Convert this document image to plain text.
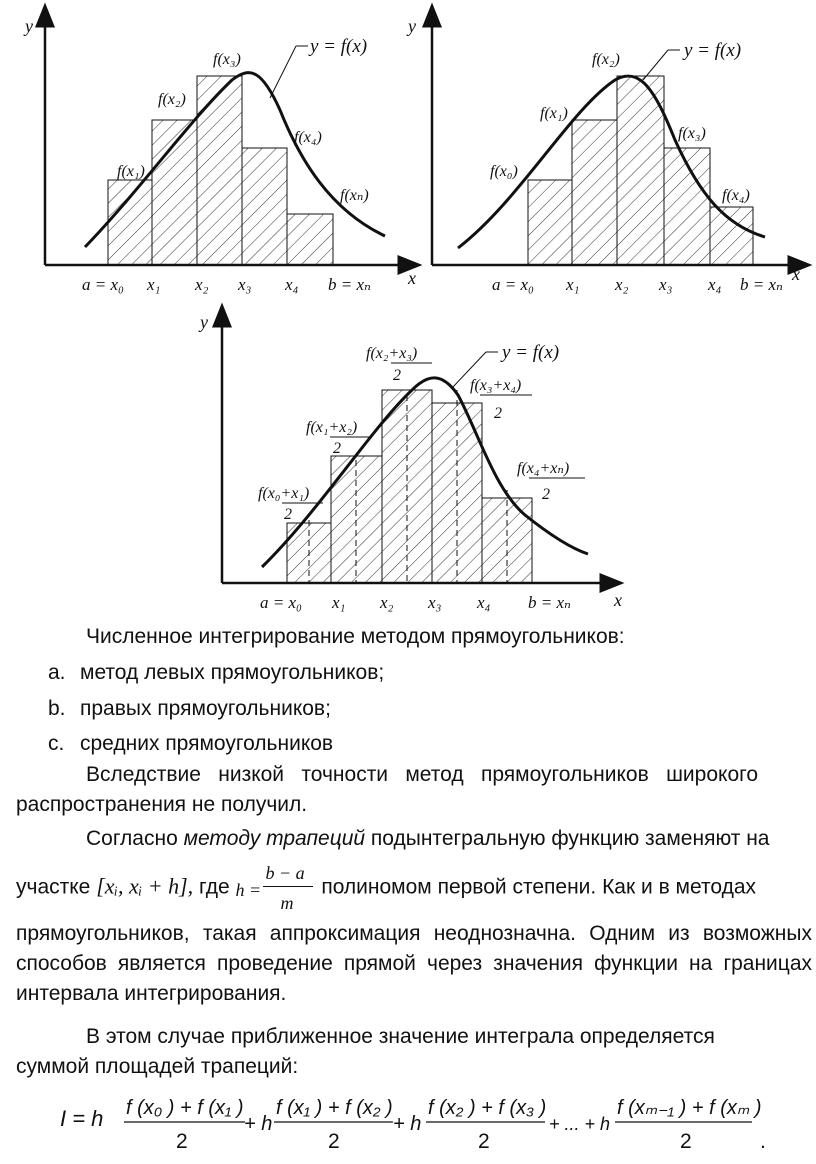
y
x
y = f(x)
f(x₁)
f(x₂)
f(x₃)
f(x₄)
f(xₙ)
a = x₀ x₁ x₂ x₃ x₄ b = xₙ
y
x
y = f(x)
f(x₀)
f(x₁)
f(x₂)
f(x₃)
f(x₄)
a = x₀ x₁ x₂ x₃ x₄ b = xₙ
y
x
y = f(x)
f(x₀+x₁)
2
f(x₁+x₂)
2
f(x₂+x₃)
2
f(x₃+x₄)
2
f(x₄+xₙ)
2
a = x₀ x₁ x₂ x₃ x₄ b = xₙ
Численное интегрирование методом прямоугольников:
a. метод левых прямоугольников;
b. правых прямоугольников;
c. средних прямоугольников
Вследствие низкой точности метод прямоугольников широкого распространения не получил.
Согласно методу трапеций подынтегральную функцию заменяют на
участке [xᵢ, xᵢ + h], где h =
b − a
m
полиномом первой степени. Как и в методах
прямоугольников, такая аппроксимация неоднозначна. Одним из возможных способов является проведение прямой через значения функции на границах интервала интегрирования.
В этом случае приближенное значение интеграла определяется суммой площадей трапеций:
I = h f (x₀ ) + f (x₁ )
2
+ h
f (x₁ ) + f (x₂ )
2
+ h
f (x₂ ) + f (x₃ )
2
+ ... + h
f (xₘ₋₁ ) + f (xₘ )
2	.
